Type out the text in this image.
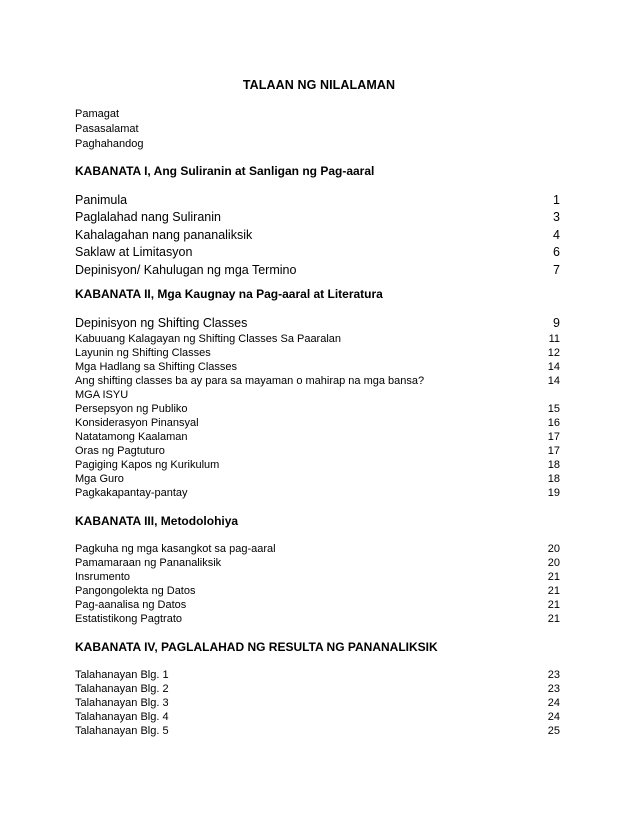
TALAAN NG NILALAMAN
Pamagat
Pasasalamat
Paghahandog
KABANATA I, Ang Suliranin at Sanligan ng Pag-aaral
Panimula	1
Paglalahad nang Suliranin	3
Kahalagahan nang pananaliksik	4
Saklaw at Limitasyon	6
Depinisyon/ Kahulugan ng mga Termino	7
KABANATA II, Mga Kaugnay na Pag-aaral at Literatura
Depinisyon ng Shifting Classes	9
Kabuuang Kalagayan ng Shifting Classes Sa Paaralan	11
Layunin ng Shifting Classes	12
Mga Hadlang sa Shifting Classes	14
Ang shifting classes ba ay para sa mayaman o mahirap na mga bansa?	14
MGA ISYU
Persepsyon ng Publiko	15
Konsiderasyon Pinansyal	16
Natatamong Kaalaman	17
Oras ng Pagtuturo	17
Pagiging Kapos ng Kurikulum	18
Mga Guro	18
Pagkakapantay-pantay	19
KABANATA III, Metodolohiya
Pagkuha ng mga kasangkot sa pag-aaral	20
Pamamaraan ng Pananaliksik	20
Insrumento	21
Pangongolekta ng Datos	21
Pag-aanalisa ng Datos	21
Estatistikong Pagtrato	21
KABANATA IV, PAGLALAHAD NG RESULTA NG PANANALIKSIK
Talahanayan Blg. 1	23
Talahanayan Blg. 2	23
Talahanayan Blg. 3	24
Talahanayan Blg. 4	24
Talahanayan Blg. 5	25
